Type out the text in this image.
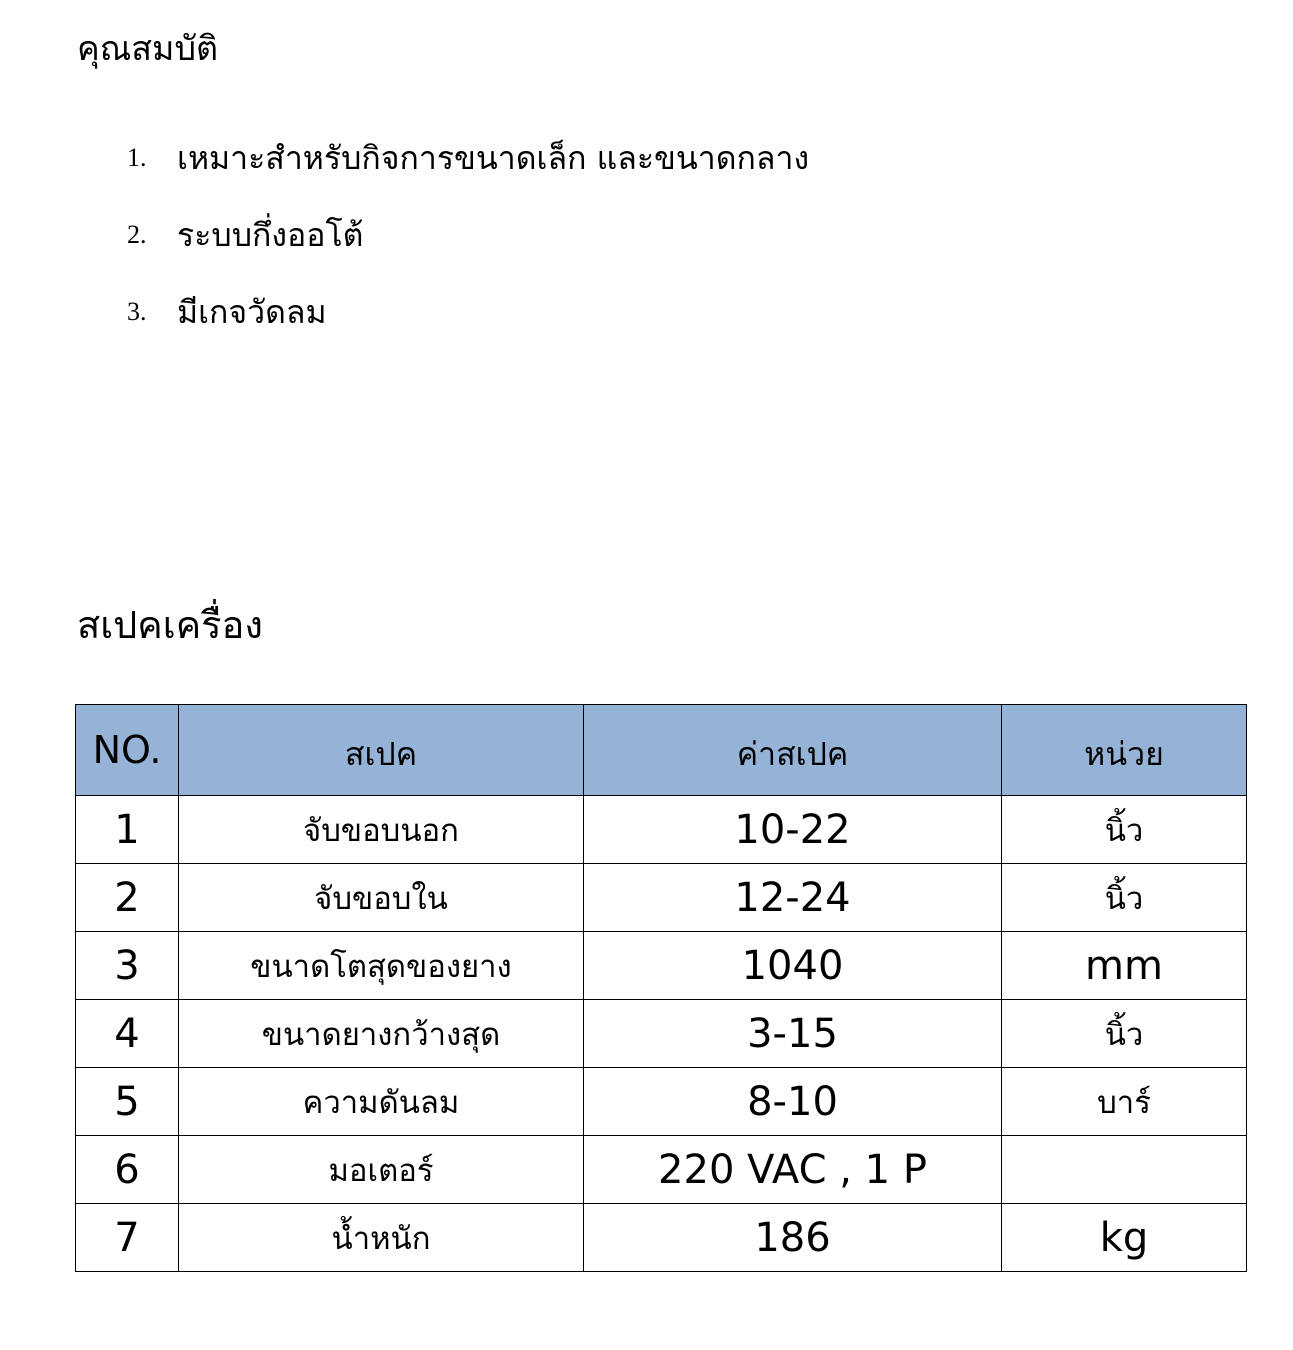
คุณสมบัติ
1. เหมาะสำหรับกิจการขนาดเล็ก และขนาดกลาง
2. ระบบกึ่งออโต้
3. มีเกจวัดลม
สเปคเครื่อง
NO.	สเปค	ค่าสเปค	หน่วย
1	จับขอบนอก	10-22	นิ้ว
2	จับขอบใน	12-24	นิ้ว
3	ขนาดโตสุดของยาง	1040	mm
4	ขนาดยางกว้างสุด	3-15	นิ้ว
5	ความดันลม	8-10	บาร์
6	มอเตอร์	220 VAC , 1 P	
7	น้ำหนัก	186	kg
